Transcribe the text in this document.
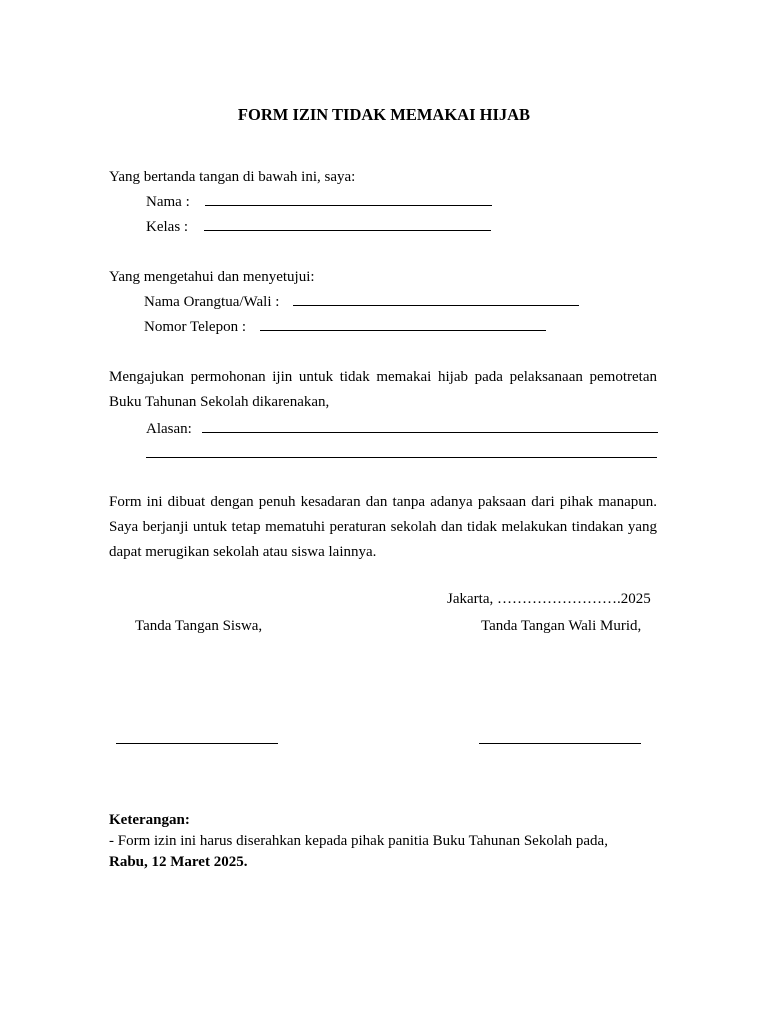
FORM IZIN TIDAK MEMAKAI HIJAB
Yang bertanda tangan di bawah ini, saya:
Nama :
Kelas :
Yang mengetahui dan menyetujui:
Nama Orangtua/Wali :
Nomor Telepon :
Mengajukan permohonan ijin untuk tidak memakai hijab pada pelaksanaan pemotretan Buku Tahunan Sekolah dikarenakan,
Alasan:
Form ini dibuat dengan penuh kesadaran dan tanpa adanya paksaan dari pihak manapun. Saya berjanji untuk tetap mematuhi peraturan sekolah dan tidak melakukan tindakan yang dapat merugikan sekolah atau siswa lainnya.
Jakarta, …………………….2025
Tanda Tangan Siswa,	Tanda Tangan Wali Murid,
Keterangan:
- Form izin ini harus diserahkan kepada pihak panitia Buku Tahunan Sekolah pada,
Rabu, 12 Maret 2025.
